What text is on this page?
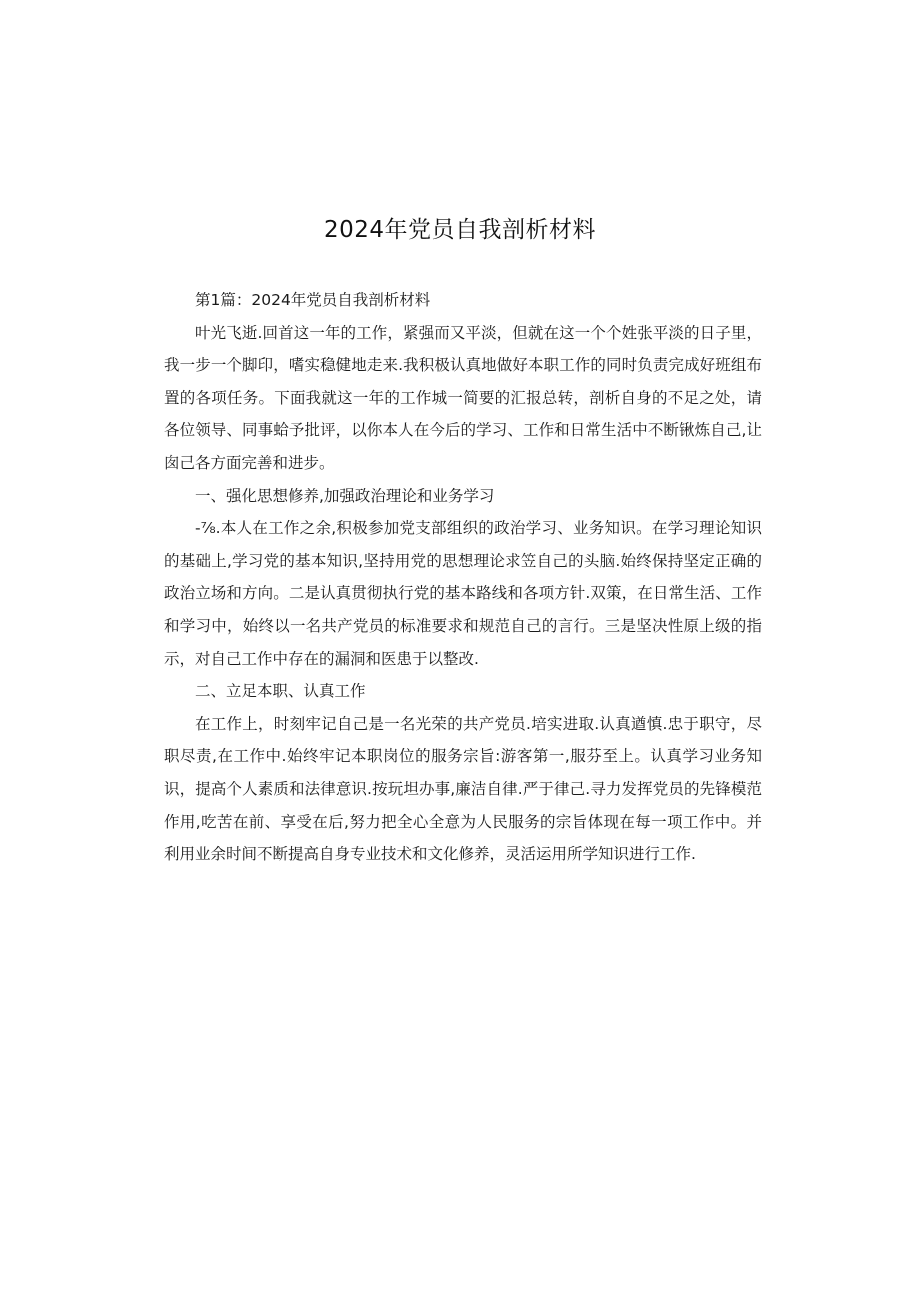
2024年党员自我剖析材料

第1篇：2024年党员自我剖析材料

叶光飞逝.回首这一年的工作，紧强而又平淡，但就在这一个个姓张平淡的日子里，我一步一个脚印，嗜实稳健地走来.我积极认真地做好本职工作的同时负责完成好班组布置的各项任务。下面我就这一年的工作城一简要的汇报总转，剖析自身的不足之处，请各位领导、同事蛤予批评，以你本人在今后的学习、工作和日常生活中不断锹炼自己,让囱己各方面完善和进步。

一、强化思想修养,加强政治理论和业务学习

-⅞.本人在工作之余,积极参加党支部组织的政治学习、业务知识。在学习理论知识的基础上,学习党的基本知识,坚持用党的思想理论求笠自己的头脑.始终保持坚定正确的政治立场和方向。二是认真贯彻执行党的基本路线和各项方针.双策，在日常生活、工作和学习中，始终以一名共产党员的标准要求和规范自己的言行。三是坚决性原上级的指示，对自己工作中存在的漏洞和医患于以整改.

二、立足本职、认真工作

在工作上，时刻牢记自己是一名光荣的共产党员.培实进取.认真遒慎.忠于职守，尽职尽责,在工作中.始终牢记本职岗位的服务宗旨:游客第一,服芬至上。认真学习业务知识，提高个人素质和法律意识.按玩坦办事,廉洁自律.严于律己.寻力发挥党员的先锋模范作用,吃苦在前、享受在后,努力把全心全意为人民服务的宗旨体现在每一项工作中。并利用业余时间不断提高自身专业技术和文化修养，灵活运用所学知识进行工作.
